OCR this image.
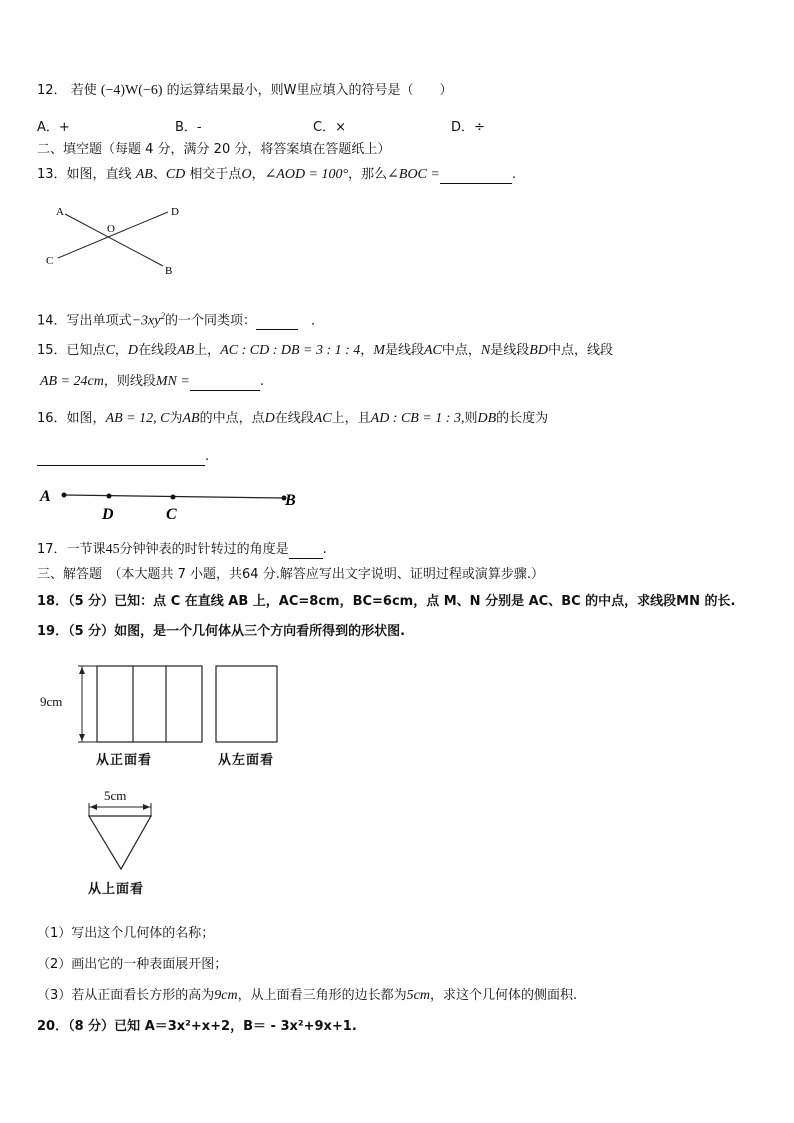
12． 若使 (−4)W(−6) 的运算结果最小，则W里应填入的符号是（　　）
A．+	B．-	C．×	D．÷
二、填空题（每题 4 分，满分 20 分，将答案填在答题纸上）
13．如图，直线 AB、CD 相交于点O，∠AOD = 100°，那么∠BOC =	.
A
O
D
C
B
14．写出单项式$-3xy^2$的一个同类项： 	．
15．已知点C，D在线段AB上，AC : CD : DB = 3 : 1 : 4，M是线段AC中点，N是线段BD中点，线段
AB = 24cm，则线段MN =	.
16．如图，AB = 12, C为AB的中点，点D在线段AC上，且AD : CB = 1 : 3,则DB的长度为
.
A
D	C
B
17．一节课45分钟钟表的时针转过的角度是	.
三、解答题　（本大题共 7 小题，共64 分.解答应写出文字说明、证明过程或演算步骤.）
18．（5 分）已知：点 C 在直线 AB 上，AC=8cm，BC=6cm，点 M、N 分别是 AC、BC 的中点，求线段MN 的长.
19．（5 分）如图，是一个几何体从三个方向看所得到的形状图.
9cm
从正面看	从左面看
5cm
从上面看
（1）写出这个几何体的名称；
（2）画出它的一种表面展开图；
（3）若从正面看长方形的高为9cm，从上面看三角形的边长都为5cm，求这个几何体的侧面积.
20．（8 分）已知 A＝3x²+x+2，B＝ - 3x²+9x+1.
